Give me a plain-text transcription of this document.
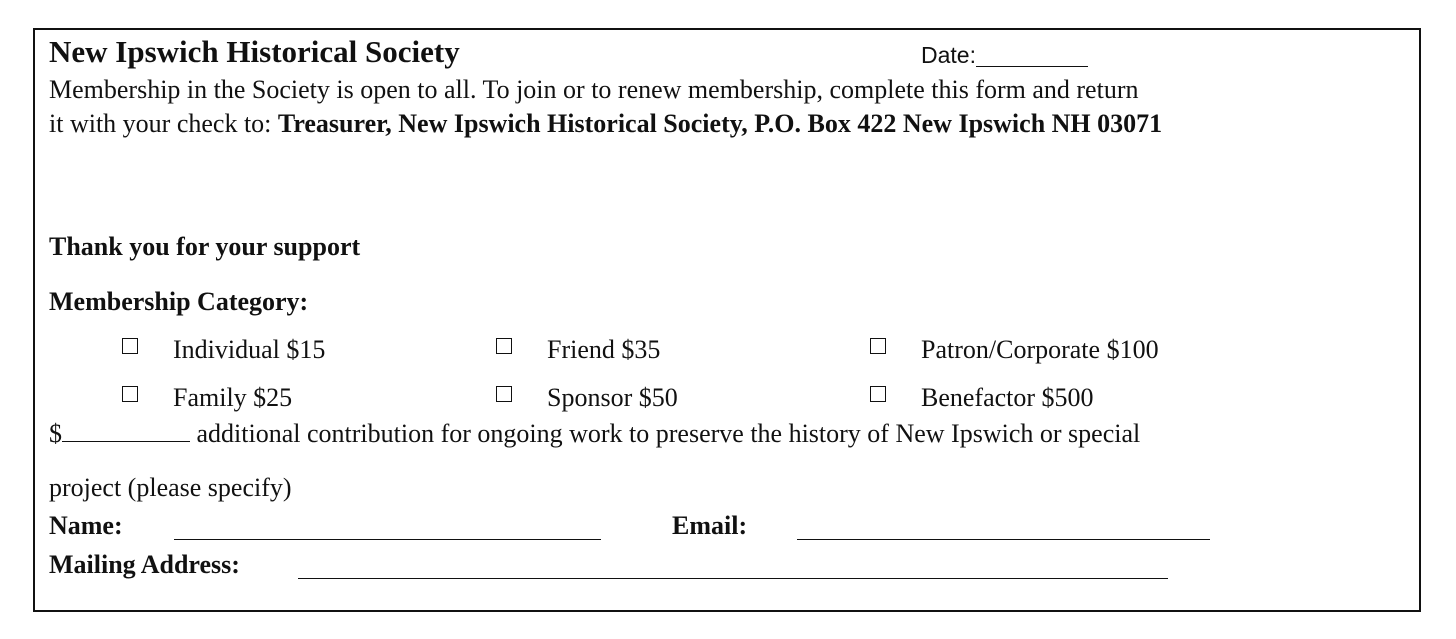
New Ipswich Historical Society	Date:
Membership in the Society is open to all. To join or to renew membership, complete this form and return
it with your check to: Treasurer, New Ipswich Historical Society, P.O. Box 422 New Ipswich NH 03071
Thank you for your support
Membership Category:
Individual $15	Friend $35	Patron/Corporate $100
Family $25	Sponsor $50	Benefactor $500
$	additional contribution for ongoing work to preserve the history of New Ipswich or special
project (please specify)
Name:	Email:
Mailing Address:
